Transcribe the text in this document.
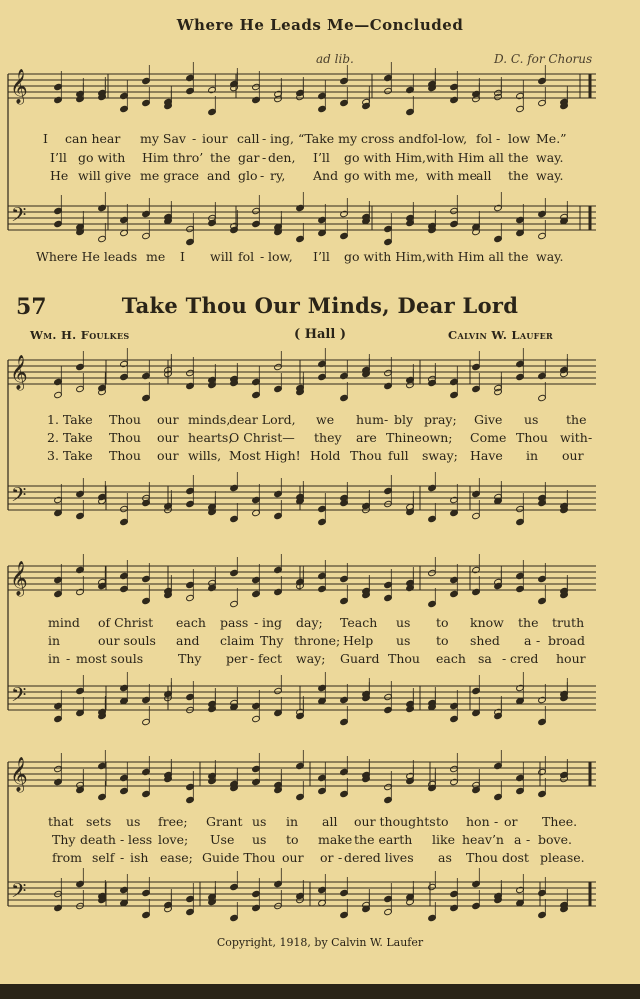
Where He Leads Me—Concluded
ad lib.	D. C. for Chorus
I can hear my Sav - iour call - ing, “Take my cross and fol-low, fol - low Me.”
I’ll go with Him thro’ the gar - den, I’ll go with Him, with Him all the way.
He will give me grace and glo - ry, And go with me, with me all the way.
Where He leads me I will fol - low, I’ll go with Him, with Him all the way.
57	Take Thou Our Minds, Dear Lord
Wm. H. Foulkes	( Hall )	Calvin W. Laufer
1. Take Thou our minds,
dear Lord, we hum - bly pray; Give us the
2. Take Thou our hearts,
O Christ— they are Thine own; Come Thou with -
3. Take Thou our wills, Most High! Hold Thou full sway; Have in our
mind of Christ each pass - ing day; Teach us to know the truth
in	our souls and claim Thy throne; Help us to shed a - broad
in - most souls	Thy per - fect way; Guard Thou each sa - cred hour
that sets us free; Grant us in all our thoughts to hon - or Thee.
Thy death - less love; Use us to make the earth like heav’n a - bove.
from self - ish ease; Guide Thou our or - dered lives as Thou dost please.
Copyright, 1918, by Calvin W. Laufer
𝄞
𝄢
𝄞
𝄢
𝄞
𝄢
𝄞
𝄢
